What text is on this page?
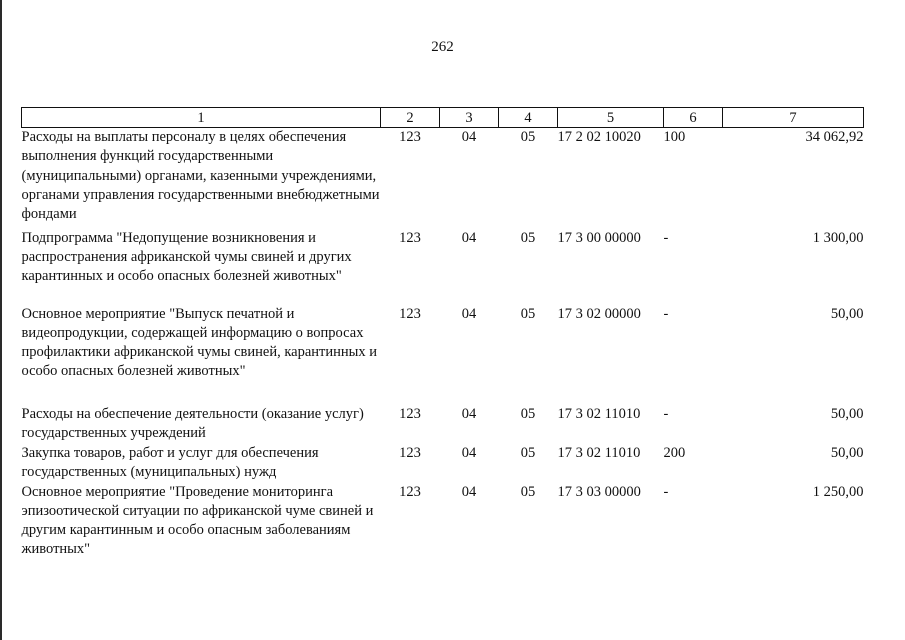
262
1	2	3	4	5	6	7
Расходы на выплаты персоналу в целях обеспечения выполнения функций государственными (муниципальными) органами, казенными учреждениями, органами управления государственными внебюджетными фондами	123	04	05	17 2 02 10020	100	34 062,92
Подпрограмма "Недопущение возникновения и распространения африканской чумы свиней и других карантинных и особо опасных болезней животных"	123	04	05	17 3 00 00000	-	1 300,00
Основное мероприятие "Выпуск печатной и видеопродукции, содержащей информацию о вопросах профилактики африканской чумы свиней, карантинных и особо опасных болезней животных"	123	04	05	17 3 02 00000	-	50,00
Расходы на обеспечение деятельности (оказание услуг) государственных учреждений	123	04	05	17 3 02 11010	-	50,00
Закупка товаров, работ и услуг для обеспечения государственных (муниципальных) нужд	123	04	05	17 3 02 11010	200	50,00
Основное мероприятие "Проведение мониторинга эпизоотической ситуации по африканской чуме свиней и другим карантинным и особо опасным заболеваниям животных"	123	04	05	17 3 03 00000	-	1 250,00
